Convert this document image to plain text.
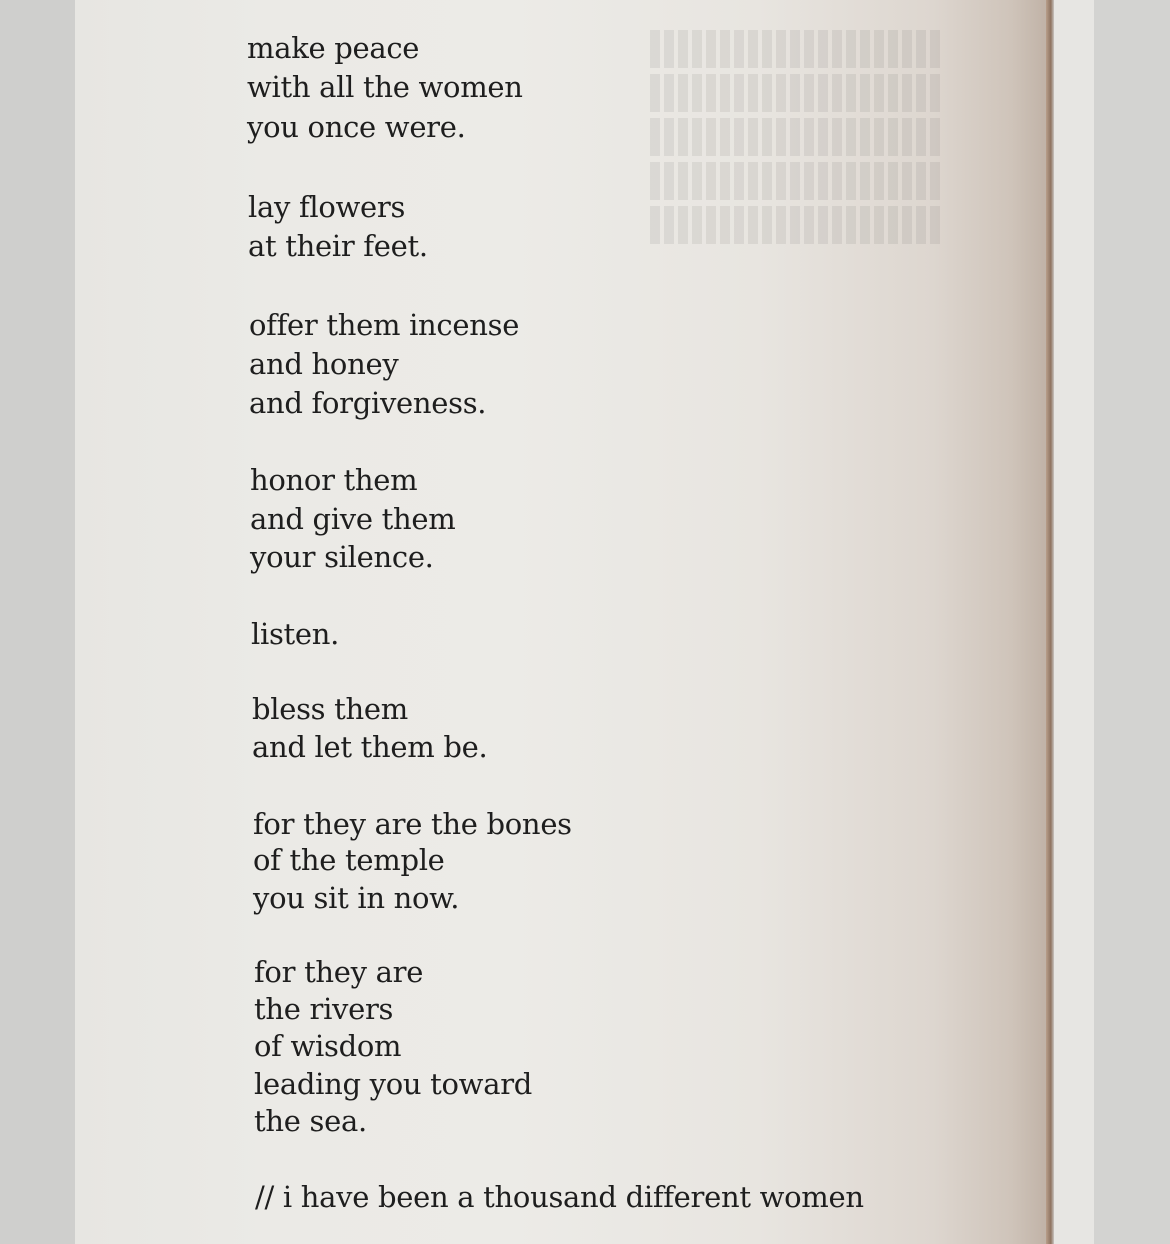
make peace
with all the women
you once were.
lay flowers
at their feet.
offer them incense
and honey
and forgiveness.
honor them
and give them
your silence.
listen.
bless them
and let them be.
for they are the bones
of the temple
you sit in now.
for they are
the rivers
of wisdom
leading you toward
the sea.
// i have been a thousand different women
